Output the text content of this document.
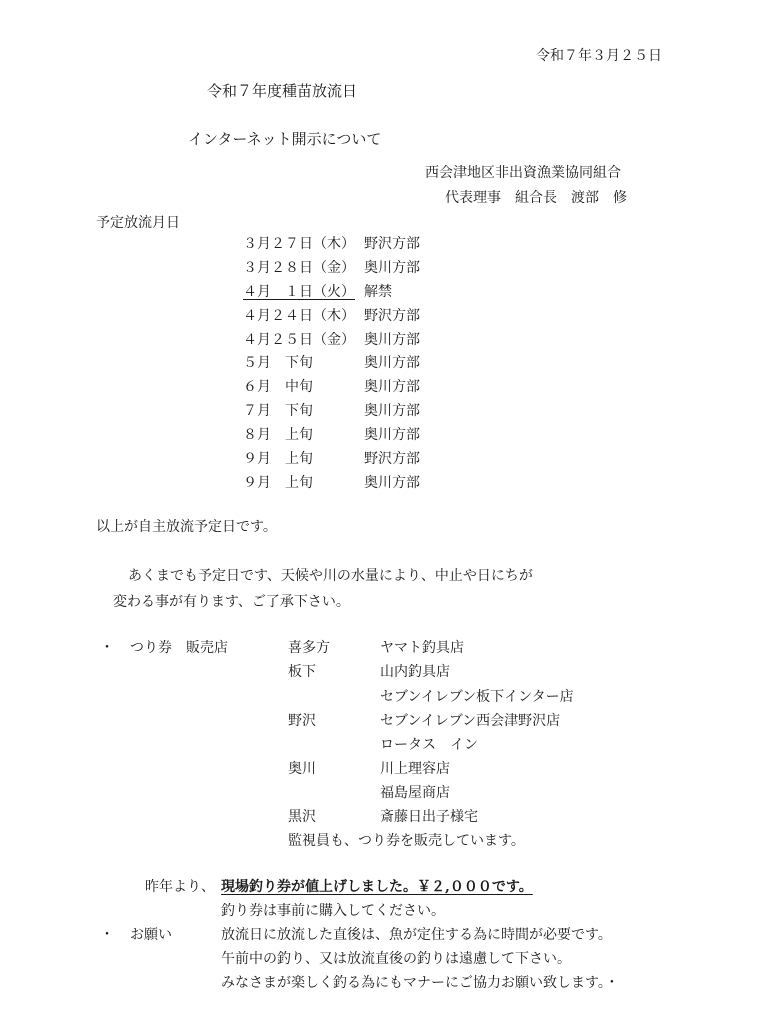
令和７年３月２５日
令和７年度種苗放流日
インターネット開示について
西会津地区非出資漁業協同組合
代表理事　組合長　渡部　修
予定放流月日
３月２７日（木） 野沢方部
３月２８日（金） 奥川方部
４月　１日（火） 解禁
４月２４日（木） 野沢方部
４月２５日（金） 奥川方部
５月　下旬	奥川方部
６月　中旬	奥川方部
７月　下旬	奥川方部
８月　上旬	奥川方部
９月　上旬	野沢方部
９月　上旬	奥川方部
以上が自主放流予定日です。
あくまでも予定日です、天候や川の水量により、中止や日にちが
変わる事が有ります、ご了承下さい。
・ つり券　販売店	喜多方	ヤマト釣具店
板下	山内釣具店
セブンイレブン板下インター店
野沢	セブンイレブン西会津野沢店
ロータス　イン
奥川	川上理容店
福島屋商店
黒沢	斎藤日出子様宅
監視員も、つり券を販売しています。
昨年より、 現場釣り券が値上げしました。￥２,０００です。
釣り券は事前に購入してください。
・ お願い	放流日に放流した直後は、魚が定住する為に時間が必要です。
午前中の釣り、又は放流直後の釣りは遠慮して下さい。
みなさまが楽しく釣る為にもマナーにご協力お願い致します。・
